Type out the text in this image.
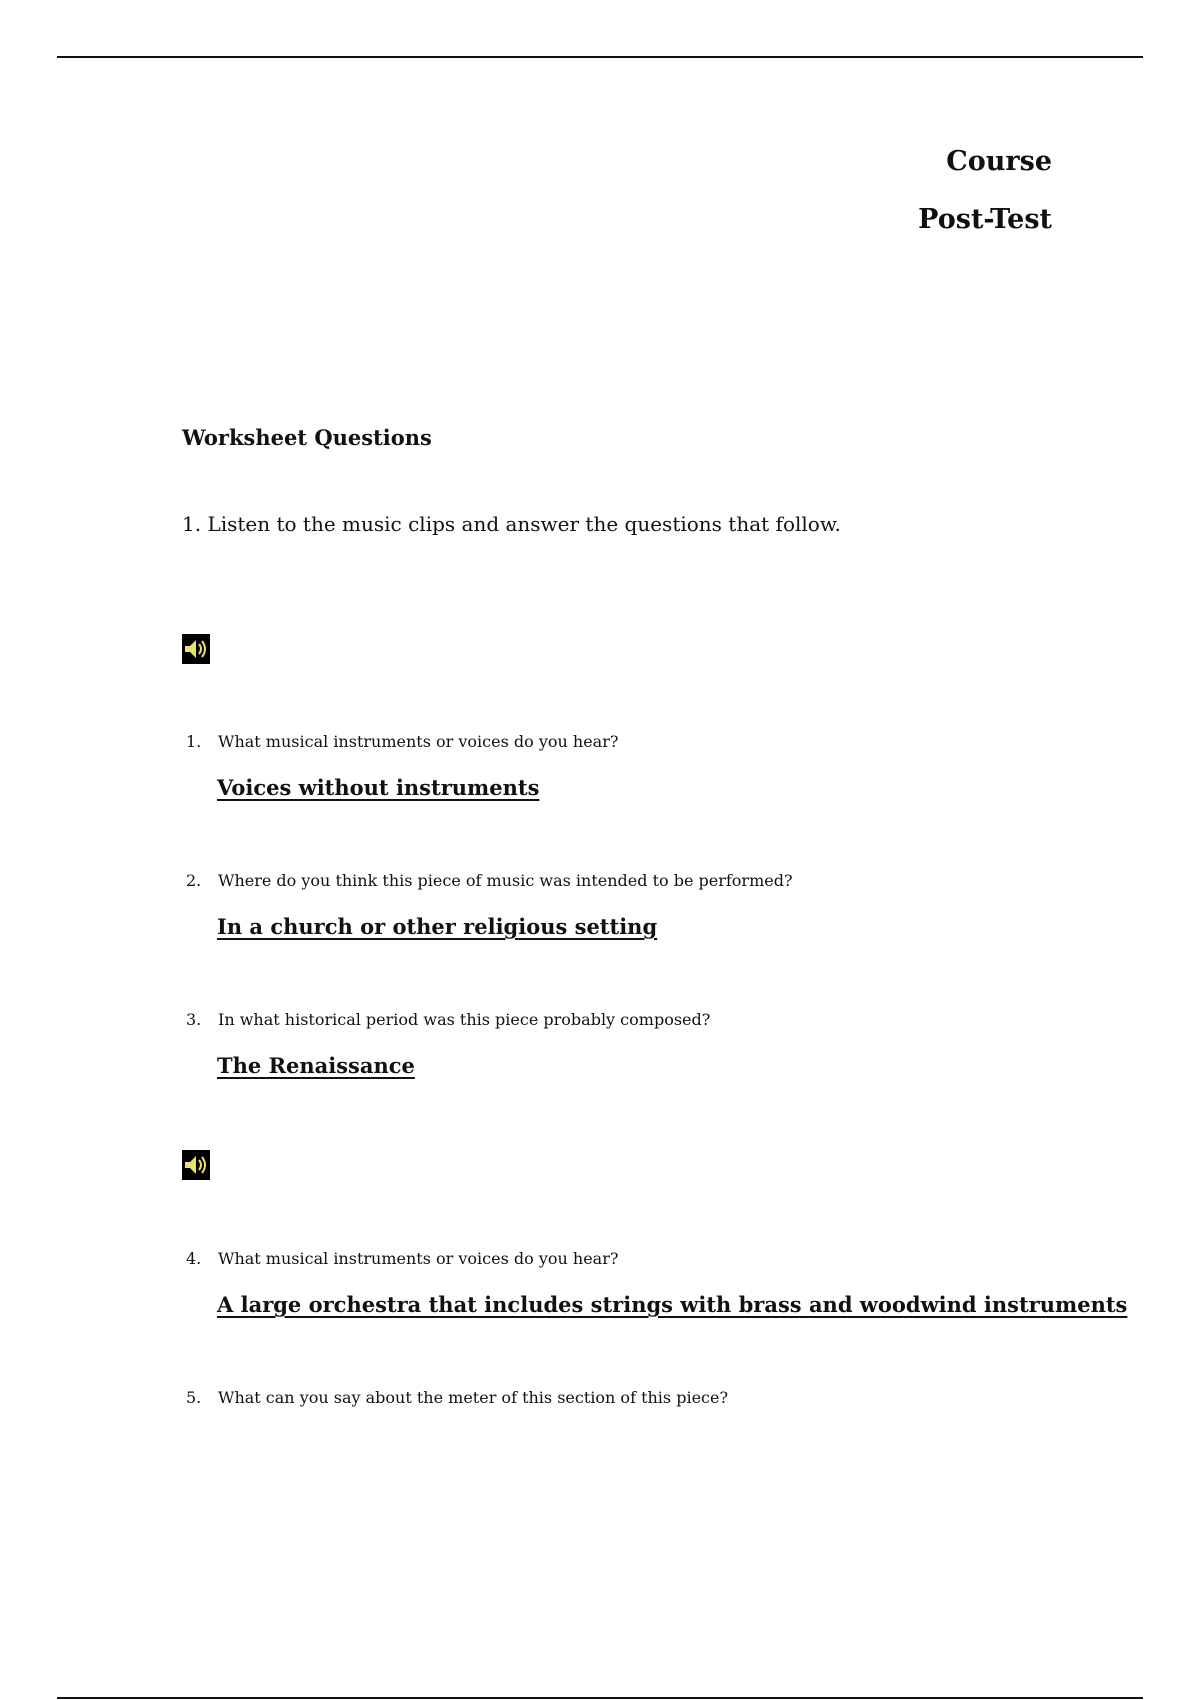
Course
Post-Test
Worksheet Questions
1. Listen to the music clips and answer the questions that follow.
1. What musical instruments or voices do you hear?
Voices without instruments
2. Where do you think this piece of music was intended to be performed?
In a church or other religious setting
3. In what historical period was this piece probably composed?
The Renaissance
4. What musical instruments or voices do you hear?
A large orchestra that includes strings with brass and woodwind instruments
5. What can you say about the meter of this section of this piece?
